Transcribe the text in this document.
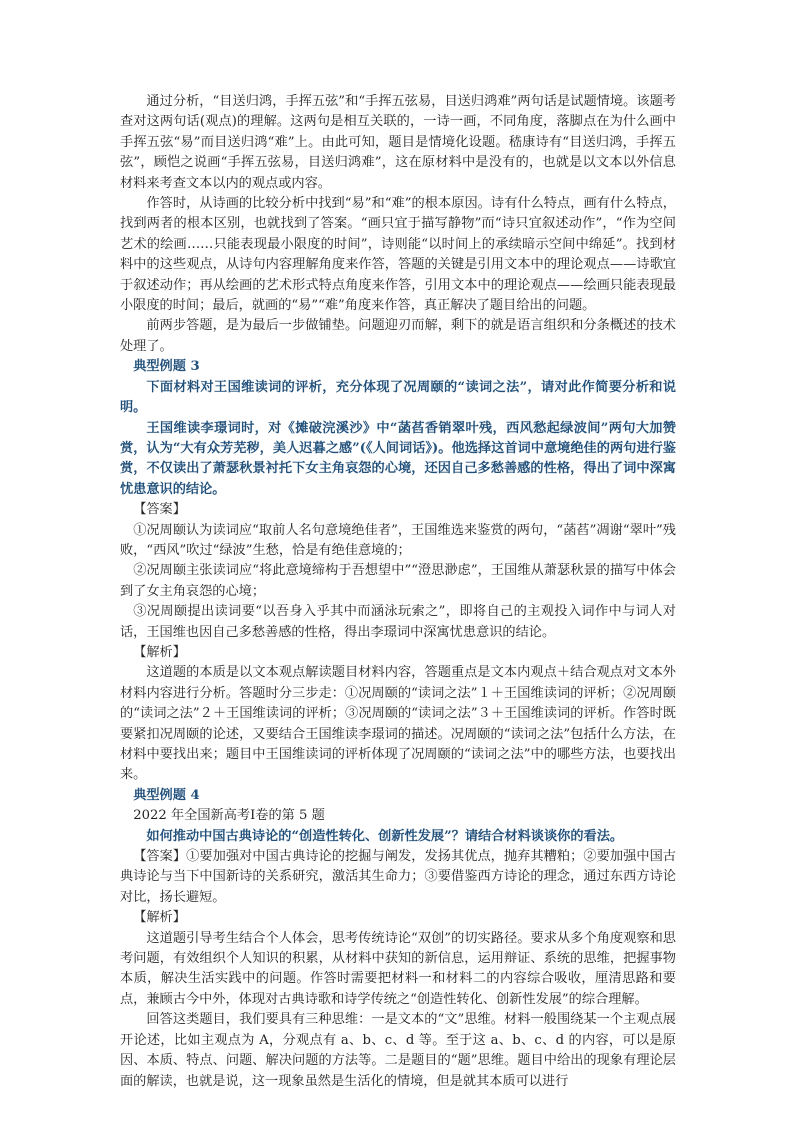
通过分析，“目送归鸿，手挥五弦”和“手挥五弦易，目送归鸿难”两句话是试题情境。该题考查对这两句话(观点)的理解。这两句是相互关联的，一诗一画，不同角度，落脚点在为什么画中手挥五弦“易”而目送归鸿“难”上。由此可知，题目是情境化设题。嵇康诗有“目送归鸿，手挥五弦”，顾恺之说画“手挥五弦易，目送归鸿难”，这在原材料中是没有的，也就是以文本以外信息材料来考查文本以内的观点或内容。

作答时，从诗画的比较分析中找到“易”和“难”的根本原因。诗有什么特点，画有什么特点，找到两者的根本区别，也就找到了答案。“画只宜于描写静物”而“诗只宜叙述动作”，“作为空间艺术的绘画……只能表现最小限度的时间”，诗则能“以时间上的承续暗示空间中绵延”。找到材料中的这些观点，从诗句内容理解角度来作答，答题的关键是引用文本中的理论观点——诗歌宜于叙述动作；再从绘画的艺术形式特点角度来作答，引用文本中的理论观点——绘画只能表现最小限度的时间；最后，就画的“易”“难”角度来作答，真正解决了题目给出的问题。

前两步答题，是为最后一步做铺垫。问题迎刃而解，剩下的就是语言组织和分条概述的技术处理了。

典型例题 3

下面材料对王国维读词的评析，充分体现了况周颐的“读词之法”，请对此作简要分析和说明。

王国维读李璟词时，对《摊破浣溪沙》中“菡萏香销翠叶残，西风愁起绿波间”两句大加赞赏，认为“大有众芳芜秽，美人迟暮之感”(《人间词话》)。他选择这首词中意境绝佳的两句进行鉴赏，不仅读出了萧瑟秋景衬托下女主角哀怨的心境，还因自己多愁善感的性格，得出了词中深寓忧患意识的结论。

【答案】

①况周颐认为读词应“取前人名句意境绝佳者”，王国维选来鉴赏的两句，“菡萏”凋谢“翠叶”残败，“西风”吹过“绿波”生愁，恰是有绝佳意境的；

②况周颐主张读词应“将此意境缔构于吾想望中”“澄思渺虑”，王国维从萧瑟秋景的描写中体会到了女主角哀怨的心境；

③况周颐提出读词要“以吾身入乎其中而涵泳玩索之”，即将自己的主观投入词作中与词人对话，王国维也因自己多愁善感的性格，得出李璟词中深寓忧患意识的结论。

【解析】

这道题的本质是以文本观点解读题目材料内容，答题重点是文本内观点＋结合观点对文本外材料内容进行分析。答题时分三步走：①况周颐的“读词之法”１＋王国维读词的评析；②况周颐的“读词之法”２＋王国维读词的评析；③况周颐的“读词之法”３＋王国维读词的评析。作答时既要紧扣况周颐的论述，又要结合王国维读李璟词的描述。况周颐的“读词之法”包括什么方法，在材料中要找出来；题目中王国维读词的评析体现了况周颐的“读词之法”中的哪些方法，也要找出来。

典型例题 4

2022 年全国新高考Ⅰ卷的第 5 题

如何推动中国古典诗论的“创造性转化、创新性发展”？请结合材料谈谈你的看法。

【答案】①要加强对中国古典诗论的挖掘与阐发，发扬其优点，抛弃其糟粕；②要加强中国古典诗论与当下中国新诗的关系研究，激活其生命力；③要借鉴西方诗论的理念，通过东西方诗论对比，扬长避短。

【解析】

这道题引导考生结合个人体会，思考传统诗论“双创”的切实路径。要求从多个角度观察和思考问题，有效组织个人知识的积累，从材料中获知的新信息，运用辩证、系统的思维，把握事物本质，解决生活实践中的问题。作答时需要把材料一和材料二的内容综合吸收，厘清思路和要点，兼顾古今中外，体现对古典诗歌和诗学传统之“创造性转化、创新性发展”的综合理解。

回答这类题目，我们要具有三种思维：一是文本的“文”思维。材料一般围绕某一个主观点展开论述，比如主观点为 A，分观点有 a、b、c、d 等。至于这 a、b、c、d 的内容，可以是原因、本质、特点、问题、解决问题的方法等。二是题目的“题”思维。题目中给出的现象有理论层面的解读，也就是说，这一现象虽然是生活化的情境，但是就其本质可以进行
